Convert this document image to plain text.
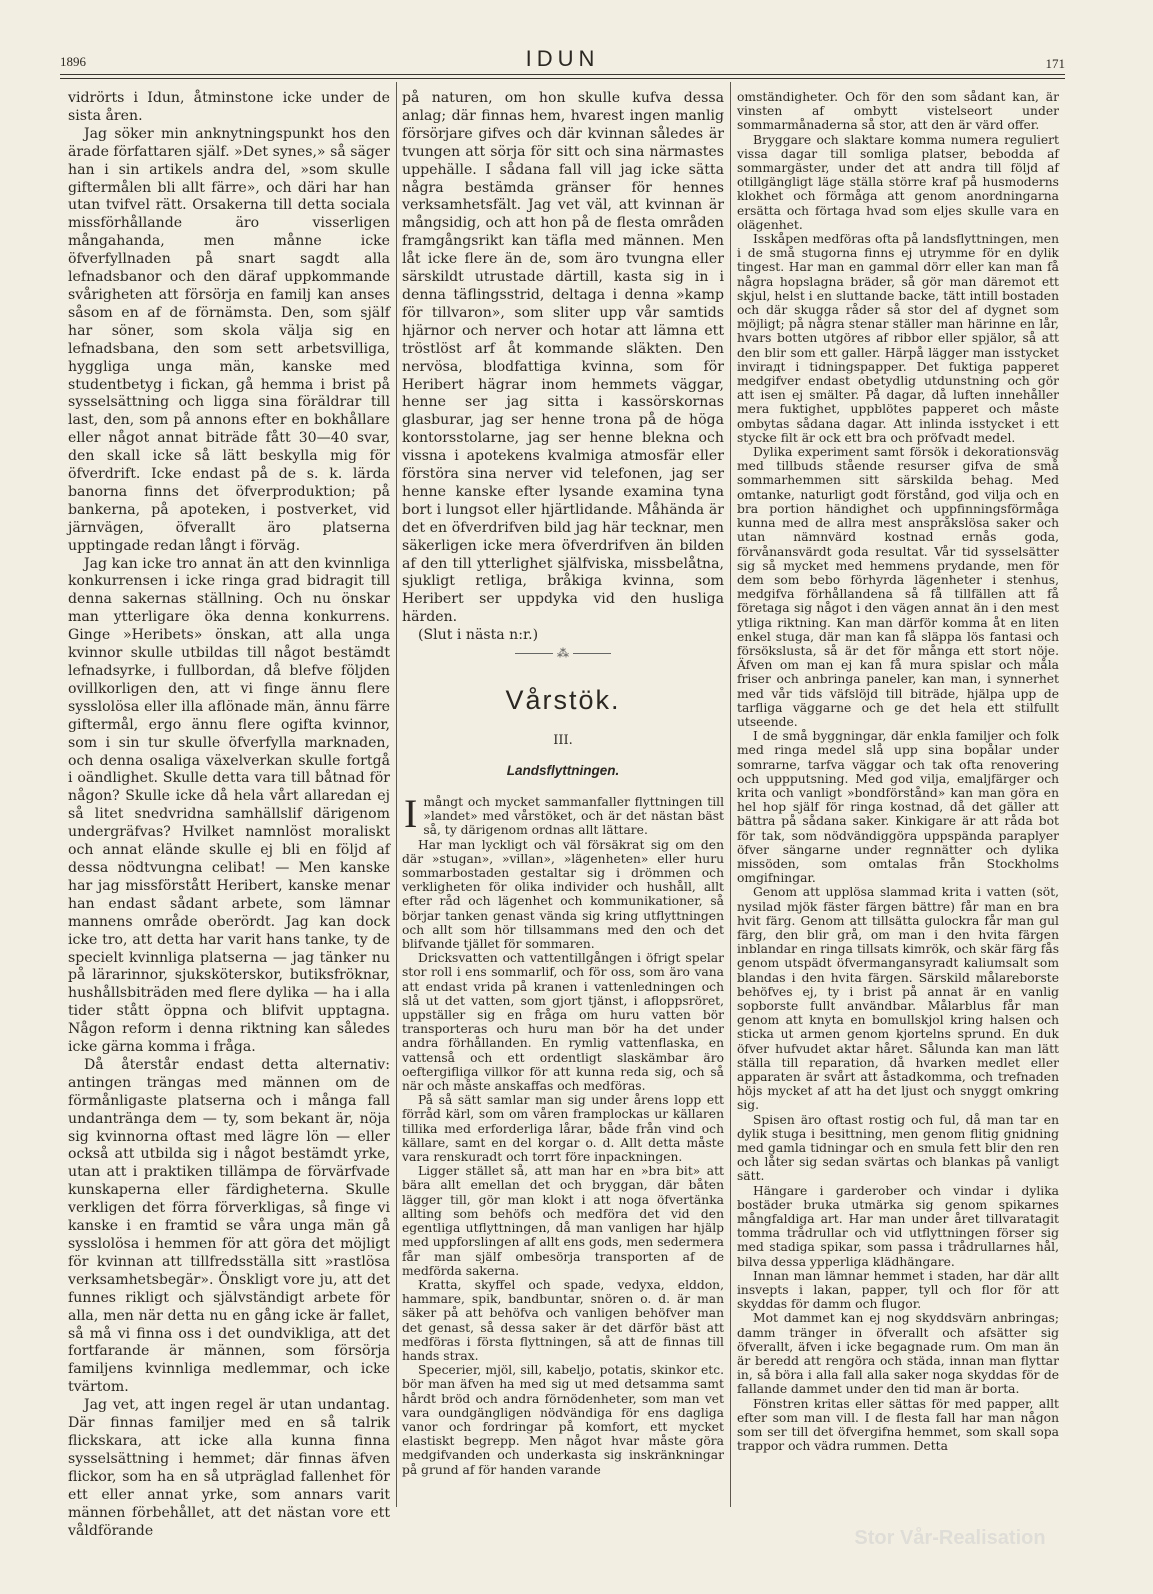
1896	IDUN	171

vidrörts i Idun, åtminstone icke under de sista åren.

Jag söker min anknytningspunkt hos den ärade författaren själf. »Det synes,» så säger han i sin artikels andra del, »som skulle giftermålen bli allt färre», och däri har han utan tvifvel rätt. Orsakerna till detta sociala missförhållande äro visserligen mångahanda, men månne icke öfverfyllnaden på snart sagdt alla lefnadsbanor och den däraf uppkommande svårigheten att försörja en familj kan anses såsom en af de förnämsta. Den, som själf har söner, som skola välja sig en lefnadsbana, den som sett arbetsvilliga, hyggliga unga män, kanske med studentbetyg i fickan, gå hemma i brist på sysselsättning och ligga sina föräldrar till last, den, som på annons efter en bokhållare eller något annat biträde fått 30—40 svar, den skall icke så lätt beskylla mig för öfverdrift. Icke endast på de s. k. lärda banorna finns det öfverproduktion; på bankerna, på apoteken, i postverket, vid järnvägen, öfverallt äro platserna upptingade redan långt i förväg.

Jag kan icke tro annat än att den kvinnliga konkurrensen i icke ringa grad bidragit till denna sakernas ställning. Och nu önskar man ytterligare öka denna konkurrens. Ginge »Heribets» önskan, att alla unga kvinnor skulle utbildas till något bestämdt lefnadsyrke, i fullbordan, då blefve följden ovillkorligen den, att vi finge ännu flere sysslolösa eller illa aflönade män, ännu färre giftermål, ergo ännu flere ogifta kvinnor, som i sin tur skulle öfverfylla marknaden, och denna osaliga växelverkan skulle fortgå i oändlighet. Skulle detta vara till båtnad för någon? Skulle icke då hela vårt allaredan ej så litet snedvridna samhällslif därigenom undergräfvas? Hvilket namnlöst moraliskt och annat elände skulle ej bli en följd af dessa nödtvungna celibat! — Men kanske har jag missförstått Heribert, kanske menar han endast sådant arbete, som lämnar mannens område oberördt. Jag kan dock icke tro, att detta har varit hans tanke, ty de specielt kvinnliga platserna — jag tänker nu på lärarinnor, sjuksköterskor, butiksfröknar, hushållsbiträden med flere dylika — ha i alla tider stått öppna och blifvit upptagna. Någon reform i denna riktning kan således icke gärna komma i fråga.

Då återstår endast detta alternativ: antingen trängas med männen om de förmånligaste platserna och i många fall undantränga dem — ty, som bekant är, nöja sig kvinnorna oftast med lägre lön — eller också att utbilda sig i något bestämdt yrke, utan att i praktiken tillämpa de förvärfvade kunskaperna eller färdigheterna. Skulle verkligen det förra förverkligas, så finge vi kanske i en framtid se våra unga män gå sysslolösa i hemmen för att göra det möjligt för kvinnan att tillfredsställa sitt »rastlösa verksamhetsbegär». Önskligt vore ju, att det funnes rikligt och självständigt arbete för alla, men när detta nu en gång icke är fallet, så må vi finna oss i det oundvikliga, att det fortfarande är männen, som försörja familjens kvinnliga medlemmar, och icke tvärtom.

Jag vet, att ingen regel är utan undantag. Där finnas familjer med en så talrik flickskara, att icke alla kunna finna sysselsättning i hemmet; där finnas äfven flickor, som ha en så utpräglad fallenhet för ett eller annat yrke, som annars varit männen förbehållet, att det nästan vore ett våldförande

på naturen, om hon skulle kufva dessa anlag; där finnas hem, hvarest ingen manlig försörjare gifves och där kvinnan således är tvungen att sörja för sitt och sina närmastes uppehälle. I sådana fall vill jag icke sätta några bestämda gränser för hennes verksamhetsfält. Jag vet väl, att kvinnan är mångsidig, och att hon på de flesta områden framgångsrikt kan täfla med männen. Men låt icke flere än de, som äro tvungna eller särskildt utrustade därtill, kasta sig in i denna täflingsstrid, deltaga i denna »kamp för tillvaron», som sliter upp vår samtids hjärnor och nerver och hotar att lämna ett tröstlöst arf åt kommande släkten. Den nervösa, blodfattiga kvinna, som för Heribert hägrar inom hemmets väggar, henne ser jag sitta i kassörskornas glasburar, jag ser henne trona på de höga kontorsstolarne, jag ser henne blekna och vissna i apotekens kvalmiga atmosfär eller förstöra sina nerver vid telefonen, jag ser henne kanske efter lysande examina tyna bort i lungsot eller hjärtlidande. Måhända är det en öfverdrifven bild jag här tecknar, men säkerligen icke mera öfverdrifven än bilden af den till ytterlighet själfviska, missbelåtna, sjukligt retliga, bråkiga kvinna, som Heribert ser uppdyka vid den husliga härden.

(Slut i nästa n:r.)

⁂
Vårstök.
III.
Landsflyttningen.

Imångt och mycket sammanfaller flyttningen till »landet» med vårstöket, och är det nästan bäst så, ty därigenom ordnas allt lättare.

Har man lyckligt och väl försäkrat sig om den där »stugan», »villan», »lägenheten» eller huru sommarbostaden gestaltar sig i drömmen och verkligheten för olika individer och hushåll, allt efter råd och lägenhet och kommunikationer, så börjar tanken genast vända sig kring utflyttningen och allt som hör tillsammans med den och det blifvande tjället för sommaren.

Dricksvatten och vattentillgången i öfrigt spelar stor roll i ens sommarlif, och för oss, som äro vana att endast vrida på kranen i vattenledningen och slå ut det vatten, som gjort tjänst, i afloppsröret, uppställer sig en fråga om huru vatten bör transporteras och huru man bör ha det under andra förhållanden. En rymlig vattenflaska, en vattenså och ett ordentligt slaskämbar äro oeftergifliga villkor för att kunna reda sig, och så när och måste anskaffas och medföras.

På så sätt samlar man sig under årens lopp ett förråd kärl, som om våren framplockas ur källaren tillika med erforderliga lårar, både från vind och källare, samt en del korgar o. d. Allt detta måste vara renskuradt och torrt före inpackningen.

Ligger stället så, att man har en »bra bit» att bära allt emellan det och bryggan, där båten lägger till, gör man klokt i att noga öfvertänka allting som behöfs och medföra det vid den egentliga utflyttningen, då man vanligen har hjälp med uppforslingen af allt ens gods, men sedermera får man själf ombesörja transporten af de medförda sakerna.

Kratta, skyffel och spade, vedyxa, elddon, hammare, spik, bandbuntar, snören o. d. är man säker på att behöfva och vanligen behöfver man det genast, så dessa saker är det därför bäst att medföras i första flyttningen, så att de finnas till hands strax.

Specerier, mjöl, sill, kabeljo, potatis, skinkor etc. bör man äfven ha med sig ut med detsamma samt hårdt bröd och andra förnödenheter, som man vet vara oundgängligen nödvändiga för ens dagliga vanor och fordringar på komfort, ett mycket elastiskt begrepp. Men något hvar måste göra medgifvanden och underkasta sig inskränkningar på grund af för handen varande

omständigheter. Och för den som sådant kan, är vinsten af ombytt vistelseort under sommarmånaderna så stor, att den är värd offer.

Bryggare och slaktare komma numera reguliert vissa dagar till somliga platser, bebodda af sommargäster, under det att andra till följd af otillgängligt läge ställa större kraf på husmoderns klokhet och förmåga att genom anordningarna ersätta och förtaga hvad som eljes skulle vara en olägenhet.

Isskåpen medföras ofta på landsflyttningen, men i de små stugorna finns ej utrymme för en dylik tingest. Har man en gammal dörr eller kan man få några hopslagna bräder, så gör man däremot ett skjul, helst i en sluttande backe, tätt intill bostaden och där skugga råder så stor del af dygnet som möjligt; på några stenar ställer man härinne en lår, hvars botten utgöres af ribbor eller spjälor, så att den blir som ett galler. Härpå lägger man isstycket invirадt i tidningspapper. Det fuktiga papperet medgifver endast obetydlig utdunstning och gör att isen ej smälter. På dagar, då luften innehåller mera fuktighet, uppblötes papperet och måste ombytas sådana dagar. Att inlinda isstycket i ett stycke filt är ock ett bra och pröfvadt medel.

Dylika experiment samt försök i dekorationsväg med tillbuds stående resurser gifva de små sommarhemmen sitt särskilda behag. Med omtanke, naturligt godt förstånd, god vilja och en bra portion händighet och uppfinningsförmåga kunna med de allra mest anspråkslösa saker och utan nämnvärd kostnad ernås goda, förvånansvärdt goda resultat. Vår tid sysselsätter sig så mycket med hemmens prydande, men för dem som bebo förhyrda lägenheter i stenhus, medgifva förhållandena så få tillfällen att få företaga sig något i den vägen annat än i den mest ytliga riktning. Kan man därför komma åt en liten enkel stuga, där man kan få släppa lös fantasi och försökslusta, så är det för många ett stort nöje. Äfven om man ej kan få mura spislar och måla friser och anbringa paneler, kan man, i synnerhet med vår tids väfslöjd till biträde, hjälpa upp de tarfliga väggarne och ge det hela ett stilfullt utseende.

I de små byggningar, där enkla familjer och folk med ringa medel slå upp sina bopålar under somrarne, tarfva väggar och tak ofta renovering och uppputsning. Med god vilja, emaljfärger och krita och vanligt »bondförstånd» kan man göra en hel hop själf för ringa kostnad, då det gäller att bättra på sådana saker. Kinkigare är att råda bot för tak, som nödvändiggöra uppspända paraplyer öfver sängarne under regnnätter och dylika missöden, som omtalas från Stockholms omgifningar.

Genom att upplösa slammad krita i vatten (söt, nysilad mjök fäster färgen bättre) får man en bra hvit färg. Genom att tillsätta gulockra får man gul färg, den blir grå, om man i den hvita färgen inblandar en ringa tillsats kimrök, och skär färg fås genom utspädt öfvermangansyradt kaliumsalt som blandas i den hvita färgen. Särskild målareborste behöfves ej, ty i brist på annat är en vanlig sopborste fullt användbar. Målarblus får man genom att knyta en bomullskjol kring halsen och sticka ut armen genom kjortelns sprund. En duk öfver hufvudet aktar håret. Sålunda kan man lätt ställa till reparation, då hvarken medlet eller apparaten är svårt att åstadkomma, och trefnaden höjs mycket af att ha det ljust och snyggt omkring sig.

Spisen äro oftast rostig och ful, då man tar en dylik stuga i besittning, men genom flitig gnidning med gamla tidningar och en smula fett blir den ren och låter sig sedan svärtas och blankas på vanligt sätt.

Hängare i garderober och vindar i dylika bostäder bruka utmärka sig genom spikarnes mångfaldiga art. Har man under året tillvaratagit tomma trådrullar och vid utflyttningen förser sig med stadiga spikar, som passa i trådrullarnes hål, bilva dessa ypperliga klädhängare.

Innan man lämnar hemmet i staden, har där allt insvepts i lakan, papper, tyll och flor för att skyddas för damm och flugor.

Mot dammet kan ej nog skyddsvärn anbringas; damm tränger in öfverallt och afsätter sig öfverallt, äfven i icke begagnade rum. Om man än är beredd att rengöra och städa, innan man flyttar in, så böra i alla fall alla saker noga skyddas för de fallande dammet under den tid man är borta.

Fönstren kritas eller sättas för med papper, allt efter som man vill. I de flesta fall har man någon som ser till det öfvergifna hemmet, som skall sopa trappor och vädra rummen. Detta

Stor Vår-Realisation
